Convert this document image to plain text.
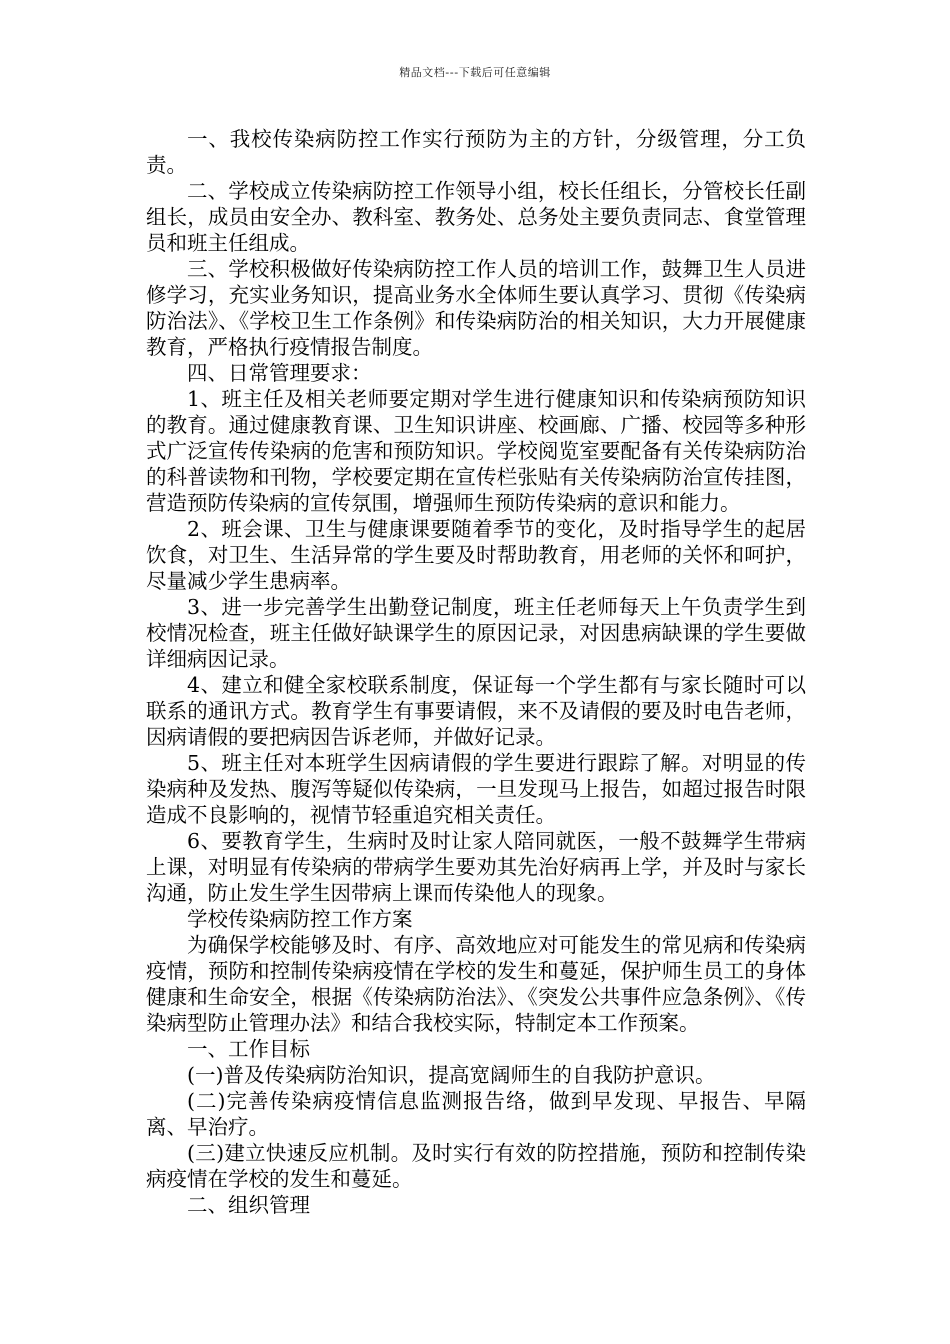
精品文档---下载后可任意编辑

一、我校传染病防控工作实行预防为主的方针，分级管理，分工负责。

二、学校成立传染病防控工作领导小组，校长任组长，分管校长任副组长，成员由安全办、教科室、教务处、总务处主要负责同志、食堂管理员和班主任组成。

三、学校积极做好传染病防控工作人员的培训工作，鼓舞卫生人员进修学习，充实业务知识，提高业务水全体师生要认真学习、贯彻《传染病防治法》、《学校卫生工作条例》和传染病防治的相关知识，大力开展健康教育，严格执行疫情报告制度。

四、日常管理要求：

1、班主任及相关老师要定期对学生进行健康知识和传染病预防知识的教育。通过健康教育课、卫生知识讲座、校画廊、广播、校园等多种形式广泛宣传传染病的危害和预防知识。学校阅览室要配备有关传染病防治的科普读物和刊物，学校要定期在宣传栏张贴有关传染病防治宣传挂图，营造预防传染病的宣传氛围，增强师生预防传染病的意识和能力。

2、班会课、卫生与健康课要随着季节的变化，及时指导学生的起居饮食，对卫生、生活异常的学生要及时帮助教育，用老师的关怀和呵护，尽量减少学生患病率。

3、进一步完善学生出勤登记制度，班主任老师每天上午负责学生到校情况检查，班主任做好缺课学生的原因记录，对因患病缺课的学生要做详细病因记录。

4、建立和健全家校联系制度，保证每一个学生都有与家长随时可以联系的通讯方式。教育学生有事要请假，来不及请假的要及时电告老师，因病请假的要把病因告诉老师，并做好记录。

5、班主任对本班学生因病请假的学生要进行跟踪了解。对明显的传染病种及发热、腹泻等疑似传染病，一旦发现马上报告，如超过报告时限造成不良影响的，视情节轻重追究相关责任。

6、要教育学生，生病时及时让家人陪同就医，一般不鼓舞学生带病上课，对明显有传染病的带病学生要劝其先治好病再上学，并及时与家长沟通，防止发生学生因带病上课而传染他人的现象。

学校传染病防控工作方案

为确保学校能够及时、有序、高效地应对可能发生的常见病和传染病疫情，预防和控制传染病疫情在学校的发生和蔓延，保护师生员工的身体健康和生命安全，根据《传染病防治法》、《突发公共事件应急条例》、《传染病型防止管理办法》和结合我校实际，特制定本工作预案。

一、工作目标

(一)普及传染病防治知识，提高宽阔师生的自我防护意识。

(二)完善传染病疫情信息监测报告络，做到早发现、早报告、早隔离、早治疗。

(三)建立快速反应机制。及时实行有效的防控措施，预防和控制传染病疫情在学校的发生和蔓延。

二、组织管理
